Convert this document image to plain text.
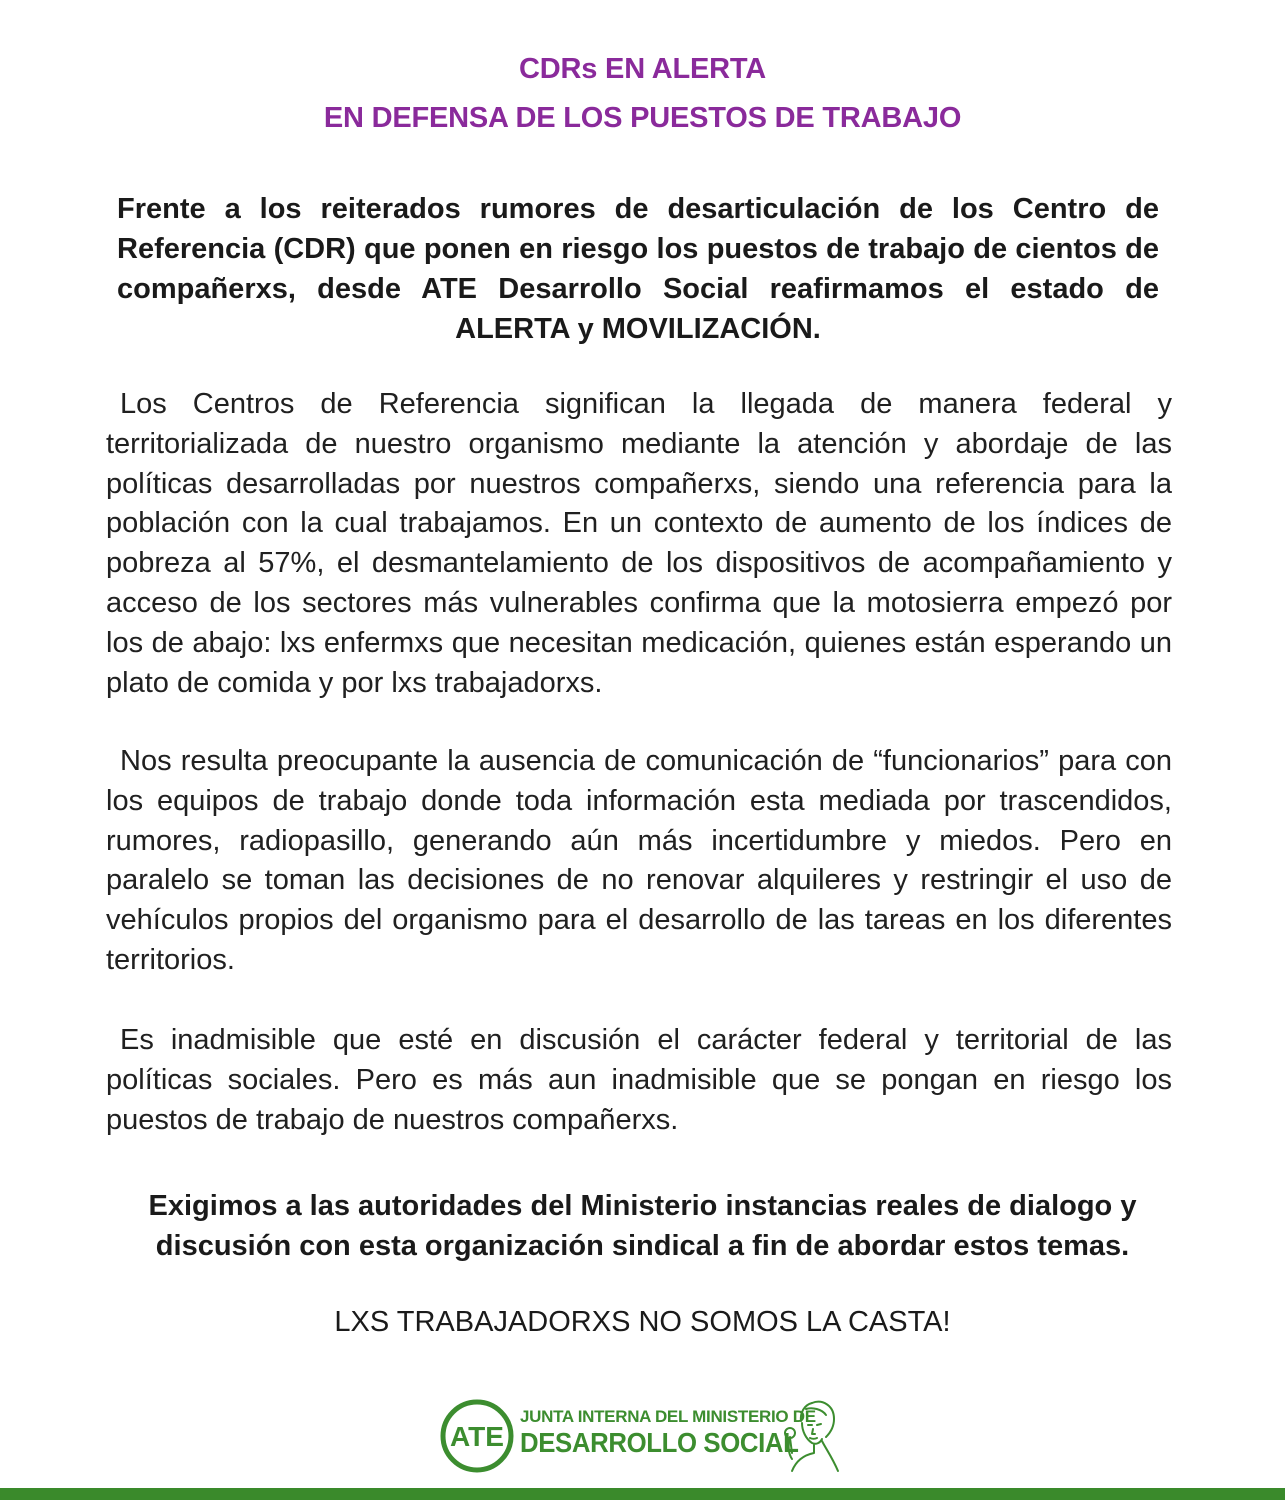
CDRs EN ALERTA
EN DEFENSA DE LOS PUESTOS DE TRABAJO
Frente a los reiterados rumores de desarticulación de los Centro de Referencia (CDR) que ponen en riesgo los puestos de trabajo de cientos de compañerxs, desde ATE Desarrollo Social reafirmamos el estado de ALERTA y MOVILIZACIÓN.
Los Centros de Referencia significan la llegada de manera federal y territorializada de nuestro organismo mediante la atención y abordaje de las políticas desarrolladas por nuestros compañerxs, siendo una referencia para la población con la cual trabajamos. En un contexto de aumento de los índices de pobreza al 57%, el desmantelamiento de los dispositivos de acompañamiento y acceso de los sectores más vulnerables confirma que la motosierra empezó por los de abajo: lxs enfermxs que necesitan medicación, quienes están esperando un plato de comida y por lxs trabajadorxs.
Nos resulta preocupante la ausencia de comunicación de “funcionarios” para con los equipos de trabajo donde toda información esta mediada por trascendidos, rumores, radiopasillo, generando aún más incertidumbre y miedos. Pero en paralelo se toman las decisiones de no renovar alquileres y restringir el uso de vehículos propios del organismo para el desarrollo de las tareas en los diferentes territorios.
Es inadmisible que esté en discusión el carácter federal y territorial de las políticas sociales. Pero es más aun inadmisible que se pongan en riesgo los puestos de trabajo de nuestros compañerxs.
Exigimos a las autoridades del Ministerio instancias reales de dialogo y discusión con esta organización sindical a fin de abordar estos temas.
LXS TRABAJADORXS NO SOMOS LA CASTA!
ATE
JUNTA INTERNA DEL MINISTERIO DE
DESARROLLO SOCIAL
